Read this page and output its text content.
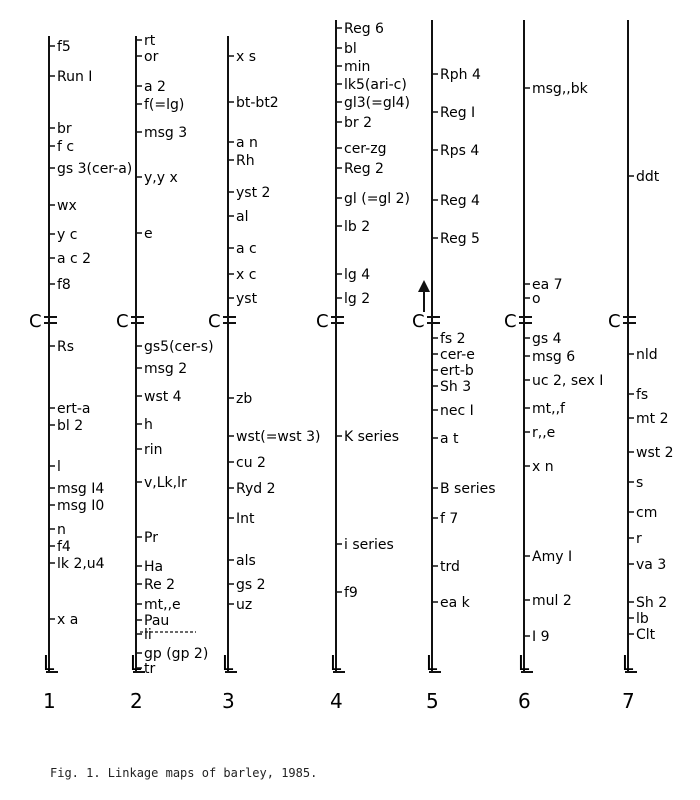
C
L
1
f5
Run I
br
f c
gs 3(cer-a)
wx
y c
a c 2
f8
Rs
ert-a
bl 2
l
msg I4
msg I0
n
f4
lk 2,u4
x a
C
L
2
rt
or
a 2
f(=lg)
msg 3
y,y x
e
gs5(cer-s)
msg 2
wst 4
h
rin
v,Lk,lr
Pr
Ha
Re 2
mt,,e
Pau
li
gp (gp 2)
tr
C
L
3
x s
bt-bt2
a n
Rh
yst 2
al
a c
x c
yst
zb
wst(=wst 3)
cu 2
Ryd 2
Int
als
gs 2
uz
C
L
4
Reg 6
bl
min
lk5(ari-c)
gl3(=gl4)
br 2
cer-zg
Reg 2
gl (=gl 2)
lb 2
lg 4
lg 2
K series
i series
f9
C
L
5
Rph 4
Reg I
Rps 4
Reg 4
Reg 5
fs 2
cer-e
ert-b
Sh 3
nec I
a t
B series
f 7
trd
ea k
C
L
6
msg,,bk
ea 7
o
gs 4
msg 6
uc 2, sex I
mt,,f
r,,e
x n
Amy I
mul 2
I 9
C
L
7
ddt
nld
fs
mt 2
wst 2
s
cm
r
va 3
Sh 2
lb
Clt

Fig. 1. Linkage maps of barley, 1985.
